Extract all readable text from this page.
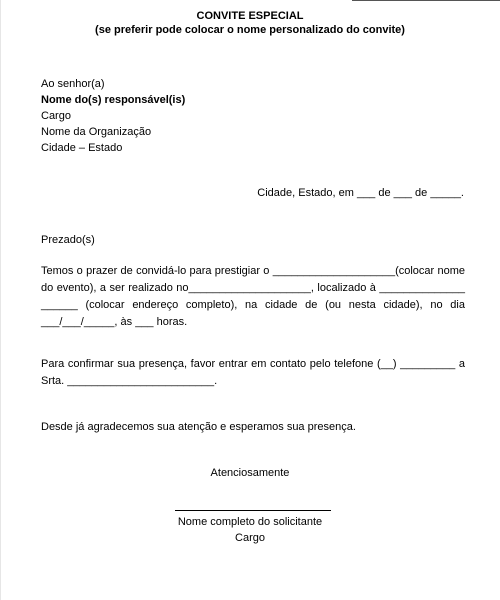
CONVITE ESPECIAL
(se preferir pode colocar o nome personalizado do convite)
Ao senhor(a)
Nome do(s) responsável(is)
Cargo
Nome da Organização
Cidade – Estado
Cidade, Estado, em ___ de ___ de _____.
Prezado(s)
Temos o prazer de convidá-lo para prestigiar o ____________________(colocar nome do evento), a ser realizado no____________________, localizado à ______________ ______ (colocar endereço completo), na cidade de (ou nesta cidade), no dia ___/___/_____, às ___ horas.
Para confirmar sua presença, favor entrar em contato pelo telefone (__) _________ a Srta. ________________________.
Desde já agradecemos sua atenção e esperamos sua presença.
Atenciosamente
Nome completo do solicitante
Cargo
